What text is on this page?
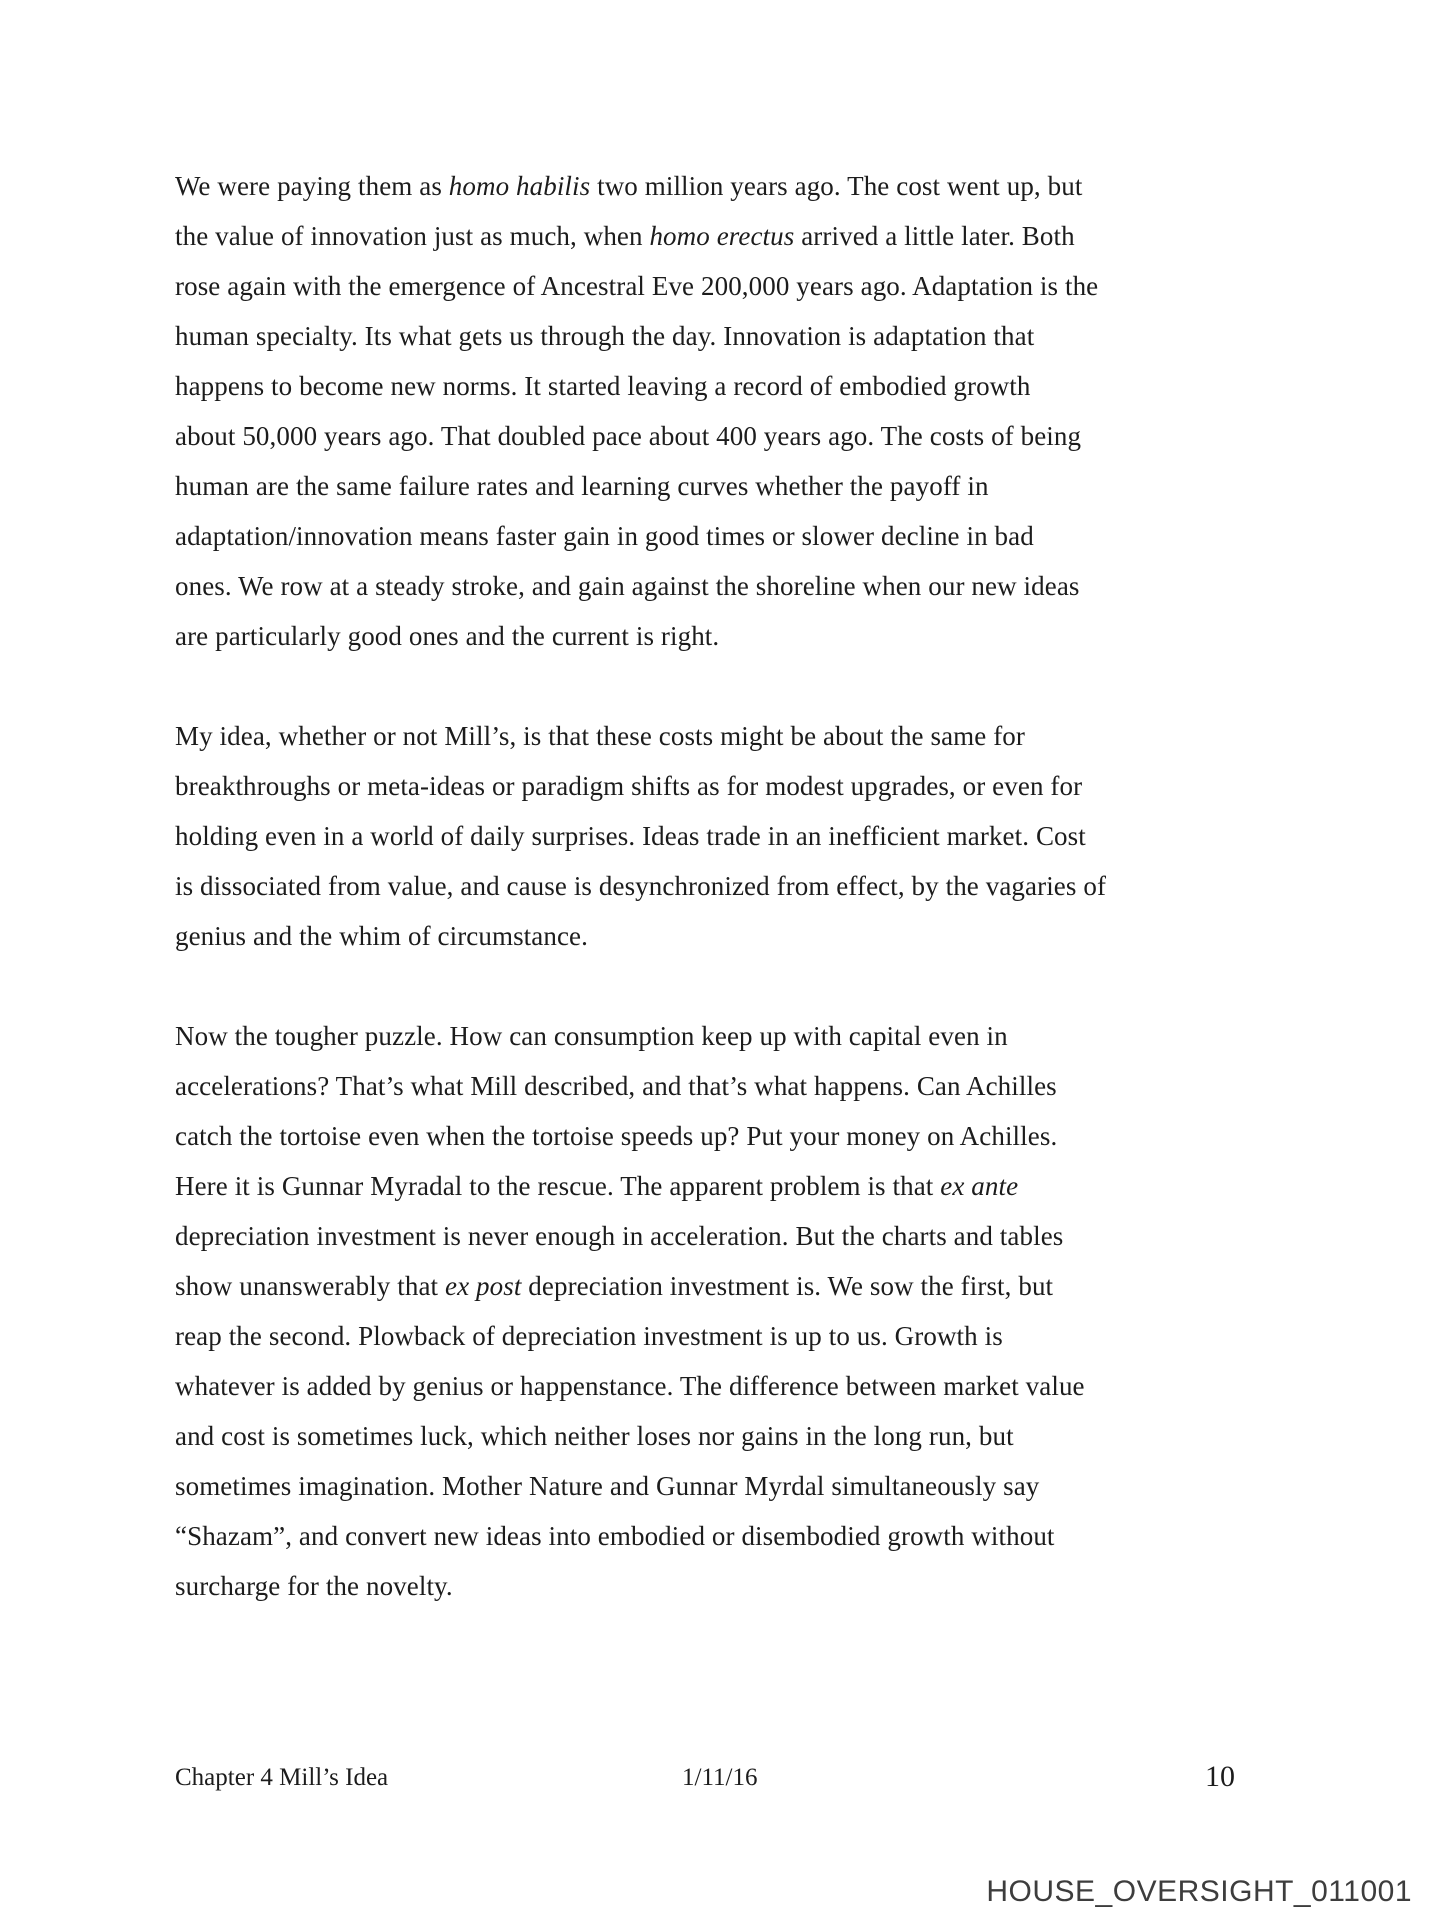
We were paying them as homo habilis two million years ago. The cost went up, but
the value of innovation just as much, when homo erectus arrived a little later. Both
rose again with the emergence of Ancestral Eve 200,000 years ago. Adaptation is the
human specialty. Its what gets us through the day. Innovation is adaptation that
happens to become new norms. It started leaving a record of embodied growth
about 50,000 years ago. That doubled pace about 400 years ago. The costs of being
human are the same failure rates and learning curves whether the payoff in
adaptation/innovation means faster gain in good times or slower decline in bad
ones. We row at a steady stroke, and gain against the shoreline when our new ideas
are particularly good ones and the current is right.
My idea, whether or not Mill’s, is that these costs might be about the same for
breakthroughs or meta-ideas or paradigm shifts as for modest upgrades, or even for
holding even in a world of daily surprises. Ideas trade in an inefficient market. Cost
is dissociated from value, and cause is desynchronized from effect, by the vagaries of
genius and the whim of circumstance.
Now the tougher puzzle. How can consumption keep up with capital even in
accelerations? That’s what Mill described, and that’s what happens. Can Achilles
catch the tortoise even when the tortoise speeds up? Put your money on Achilles.
Here it is Gunnar Myradal to the rescue. The apparent problem is that ex ante
depreciation investment is never enough in acceleration. But the charts and tables
show unanswerably that ex post depreciation investment is. We sow the first, but
reap the second. Plowback of depreciation investment is up to us. Growth is
whatever is added by genius or happenstance. The difference between market value
and cost is sometimes luck, which neither loses nor gains in the long run, but
sometimes imagination. Mother Nature and Gunnar Myrdal simultaneously say
“Shazam”, and convert new ideas into embodied or disembodied growth without
surcharge for the novelty.
Chapter 4 Mill’s Idea	1/11/16	10
HOUSE_OVERSIGHT_011001
